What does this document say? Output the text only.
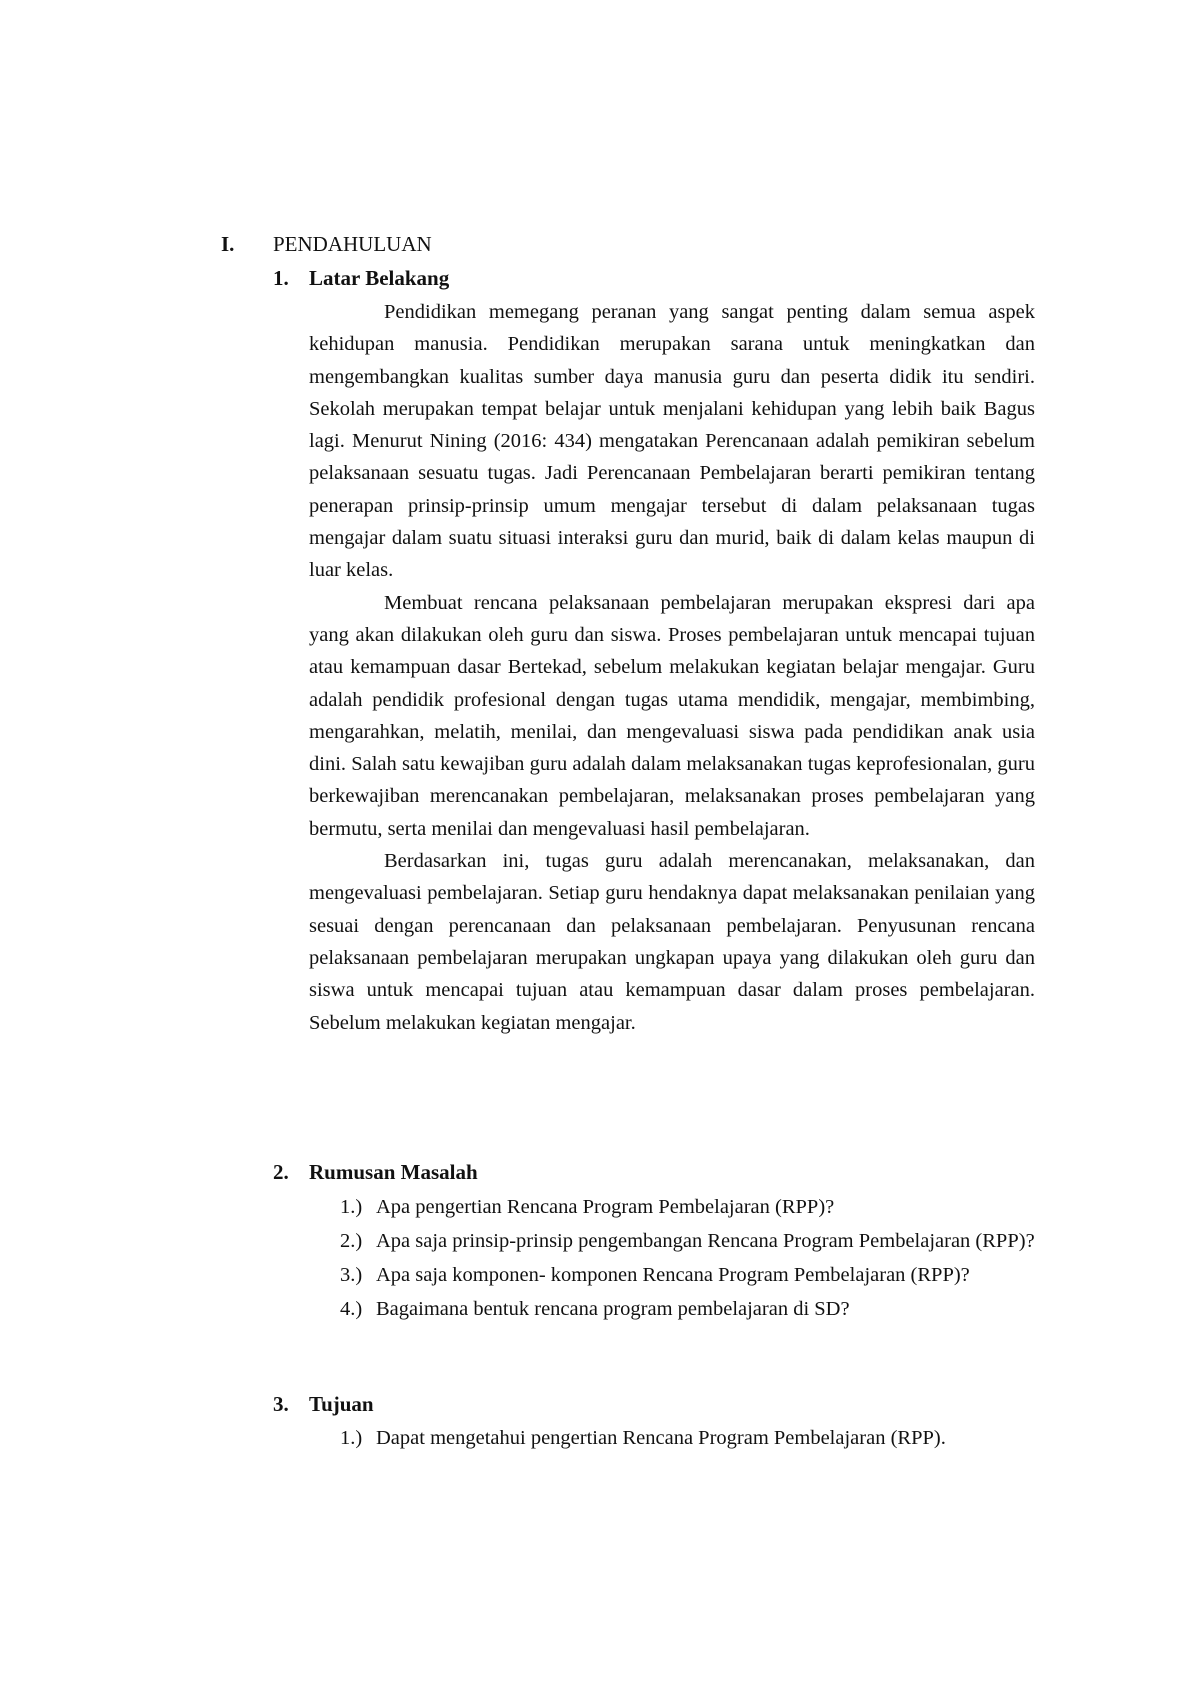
I. PENDAHULUAN
1. Latar Belakang

Pendidikan memegang peranan yang sangat penting dalam semua aspek kehidupan manusia. Pendidikan merupakan sarana untuk meningkatkan dan mengembangkan kualitas sumber daya manusia guru dan peserta didik itu sendiri. Sekolah merupakan tempat belajar untuk menjalani kehidupan yang lebih baik Bagus lagi. Menurut Nining (2016: 434) mengatakan Perencanaan adalah pemikiran sebelum pelaksanaan sesuatu tugas. Jadi Perencanaan Pembelajaran berarti pemikiran tentang penerapan prinsip-prinsip umum mengajar tersebut di dalam pelaksanaan tugas mengajar dalam suatu situasi interaksi guru dan murid, baik di dalam kelas maupun di luar kelas.

Membuat rencana pelaksanaan pembelajaran merupakan ekspresi dari apa yang akan dilakukan oleh guru dan siswa. Proses pembelajaran untuk mencapai tujuan atau kemampuan dasar Bertekad, sebelum melakukan kegiatan belajar mengajar. Guru adalah pendidik profesional dengan tugas utama mendidik, mengajar, membimbing, mengarahkan, melatih, menilai, dan mengevaluasi siswa pada pendidikan anak usia dini. Salah satu kewajiban guru adalah dalam melaksanakan tugas keprofesionalan, guru berkewajiban merencanakan pembelajaran, melaksanakan proses pembelajaran yang bermutu, serta menilai dan mengevaluasi hasil pembelajaran.

Berdasarkan ini, tugas guru adalah merencanakan, melaksanakan, dan mengevaluasi pembelajaran. Setiap guru hendaknya dapat melaksanakan penilaian yang sesuai dengan perencanaan dan pelaksanaan pembelajaran. Penyusunan rencana pelaksanaan pembelajaran merupakan ungkapan upaya yang dilakukan oleh guru dan siswa untuk mencapai tujuan atau kemampuan dasar dalam proses pembelajaran. Sebelum melakukan kegiatan mengajar.

2. Rumusan Masalah
1.) Apa pengertian Rencana Program Pembelajaran (RPP)?
2.) Apa saja prinsip-prinsip pengembangan Rencana Program Pembelajaran (RPP)?
3.) Apa saja komponen- komponen Rencana Program Pembelajaran (RPP)?
4.) Bagaimana bentuk rencana program pembelajaran di SD?
3. Tujuan
1.) Dapat mengetahui pengertian Rencana Program Pembelajaran (RPP).
